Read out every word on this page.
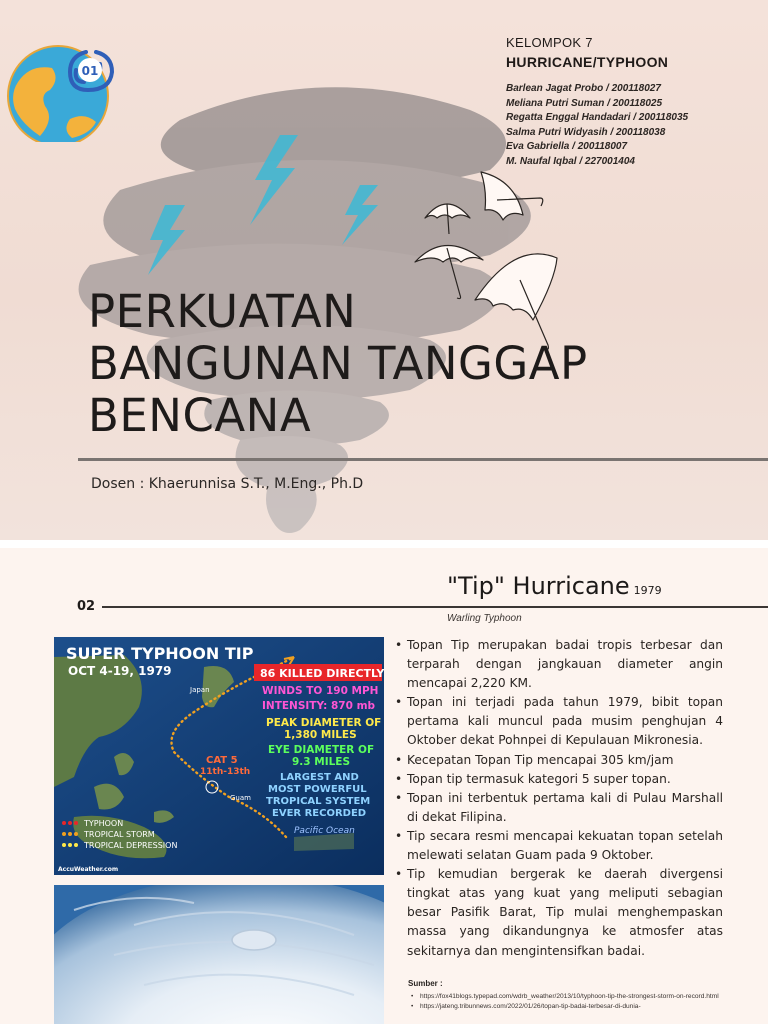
01
KELOMPOK 7
HURRICANE/TYPHOON
Barlean Jagat Probo / 200118027
Meliana Putri Suman / 200118025
Regatta Enggal Handadari / 200118035
Salma Putri Widyasih / 200118038
Eva Gabriella / 200118007
M. Naufal Iqbal / 227001404
PERKUATAN
BANGUNAN TANGGAP
BENCANA
Dosen : Khaerunnisa S.T., M.Eng., Ph.D
"Tip" Hurricane 1979
02
Warling Typhoon
SUPER TYPHOON TIP
OCT 4-19, 1979
CAT 5
11th-13th
Japan
Guam
Pacific Ocean
86 KILLED DIRECTLY
WINDS TO 190 MPH
INTENSITY: 870 mb
PEAK DIAMETER OF
1,380 MILES
EYE DIAMETER OF
9.3 MILES
LARGEST AND
MOST POWERFUL
TROPICAL SYSTEM
EVER RECORDED
TYPHOON
TROPICAL STORM
TROPICAL DEPRESSION
AccuWeather.com
• Topan Tip merupakan badai tropis terbesar dan terparah dengan jangkauan diameter angin mencapai 2,220 KM.
• Topan ini terjadi pada tahun 1979, bibit topan pertama kali muncul pada musim penghujan 4 Oktober dekat Pohnpei di Kepulauan Mikronesia.
• Kecepatan Topan Tip mencapai 305 km/jam
• Topan tip termasuk kategori 5 super topan.
• Topan ini terbentuk pertama kali di Pulau Marshall di dekat Filipina.
• Tip secara resmi mencapai kekuatan topan setelah melewati selatan Guam pada 9 Oktober.
• Tip kemudian bergerak ke daerah divergensi tingkat atas yang kuat yang meliputi sebagian besar Pasifik Barat, Tip mulai menghempaskan massa yang dikandungnya ke atmosfer atas sekitarnya dan mengintensifkan badai.
Sumber :
• https://fox41blogs.typepad.com/wdrb_weather/2013/10/typhoon-tip-the-strongest-storm-on-record.html
• https://jateng.tribunnews.com/2022/01/26/topan-tip-badai-terbesar-di-dunia-
